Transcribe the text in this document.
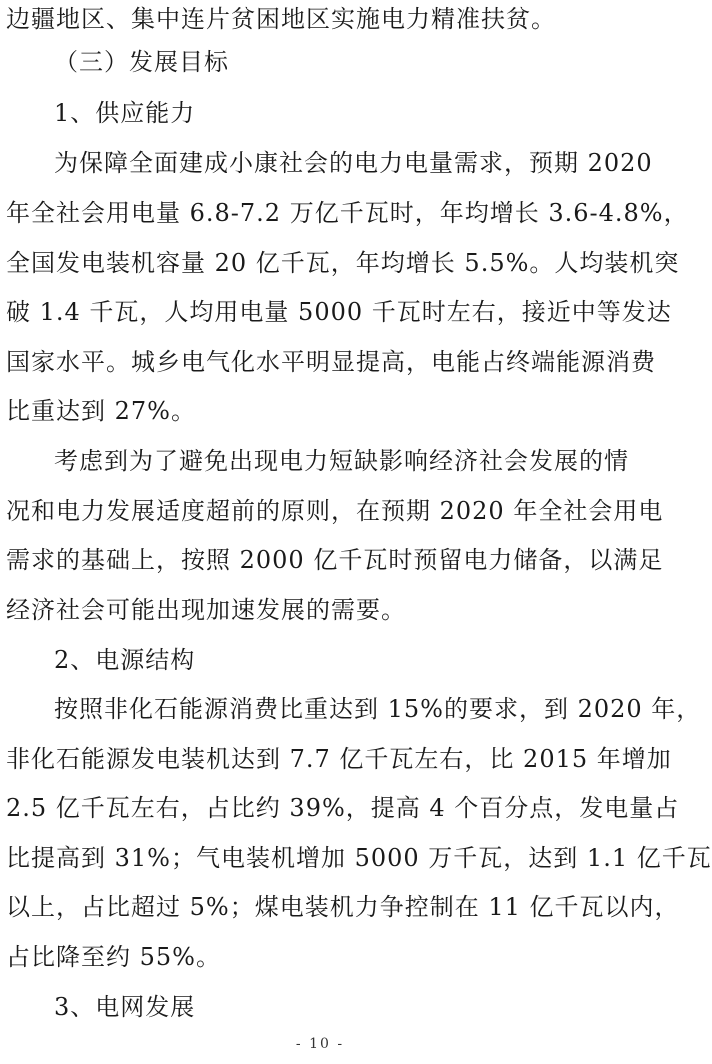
边疆地区、集中连片贫困地区实施电力精准扶贫。
（三）发展目标
1、供应能力
为保障全面建成小康社会的电力电量需求，预期 2020
年全社会用电量 6.8-7.2 万亿千瓦时，年均增长 3.6-4.8%，
全国发电装机容量 20 亿千瓦，年均增长 5.5%。人均装机突
破 1.4 千瓦，人均用电量 5000 千瓦时左右，接近中等发达
国家水平。城乡电气化水平明显提高，电能占终端能源消费
比重达到 27%。
考虑到为了避免出现电力短缺影响经济社会发展的情
况和电力发展适度超前的原则，在预期 2020 年全社会用电
需求的基础上，按照 2000 亿千瓦时预留电力储备，以满足
经济社会可能出现加速发展的需要。
2、电源结构
按照非化石能源消费比重达到 15%的要求，到 2020 年，
非化石能源发电装机达到 7.7 亿千瓦左右，比 2015 年增加
2.5 亿千瓦左右，占比约 39%，提高 4 个百分点，发电量占
比提高到 31%；气电装机增加 5000 万千瓦，达到 1.1 亿千瓦
以上，占比超过 5%；煤电装机力争控制在 11 亿千瓦以内，
占比降至约 55%。
3、电网发展
- 10 -
